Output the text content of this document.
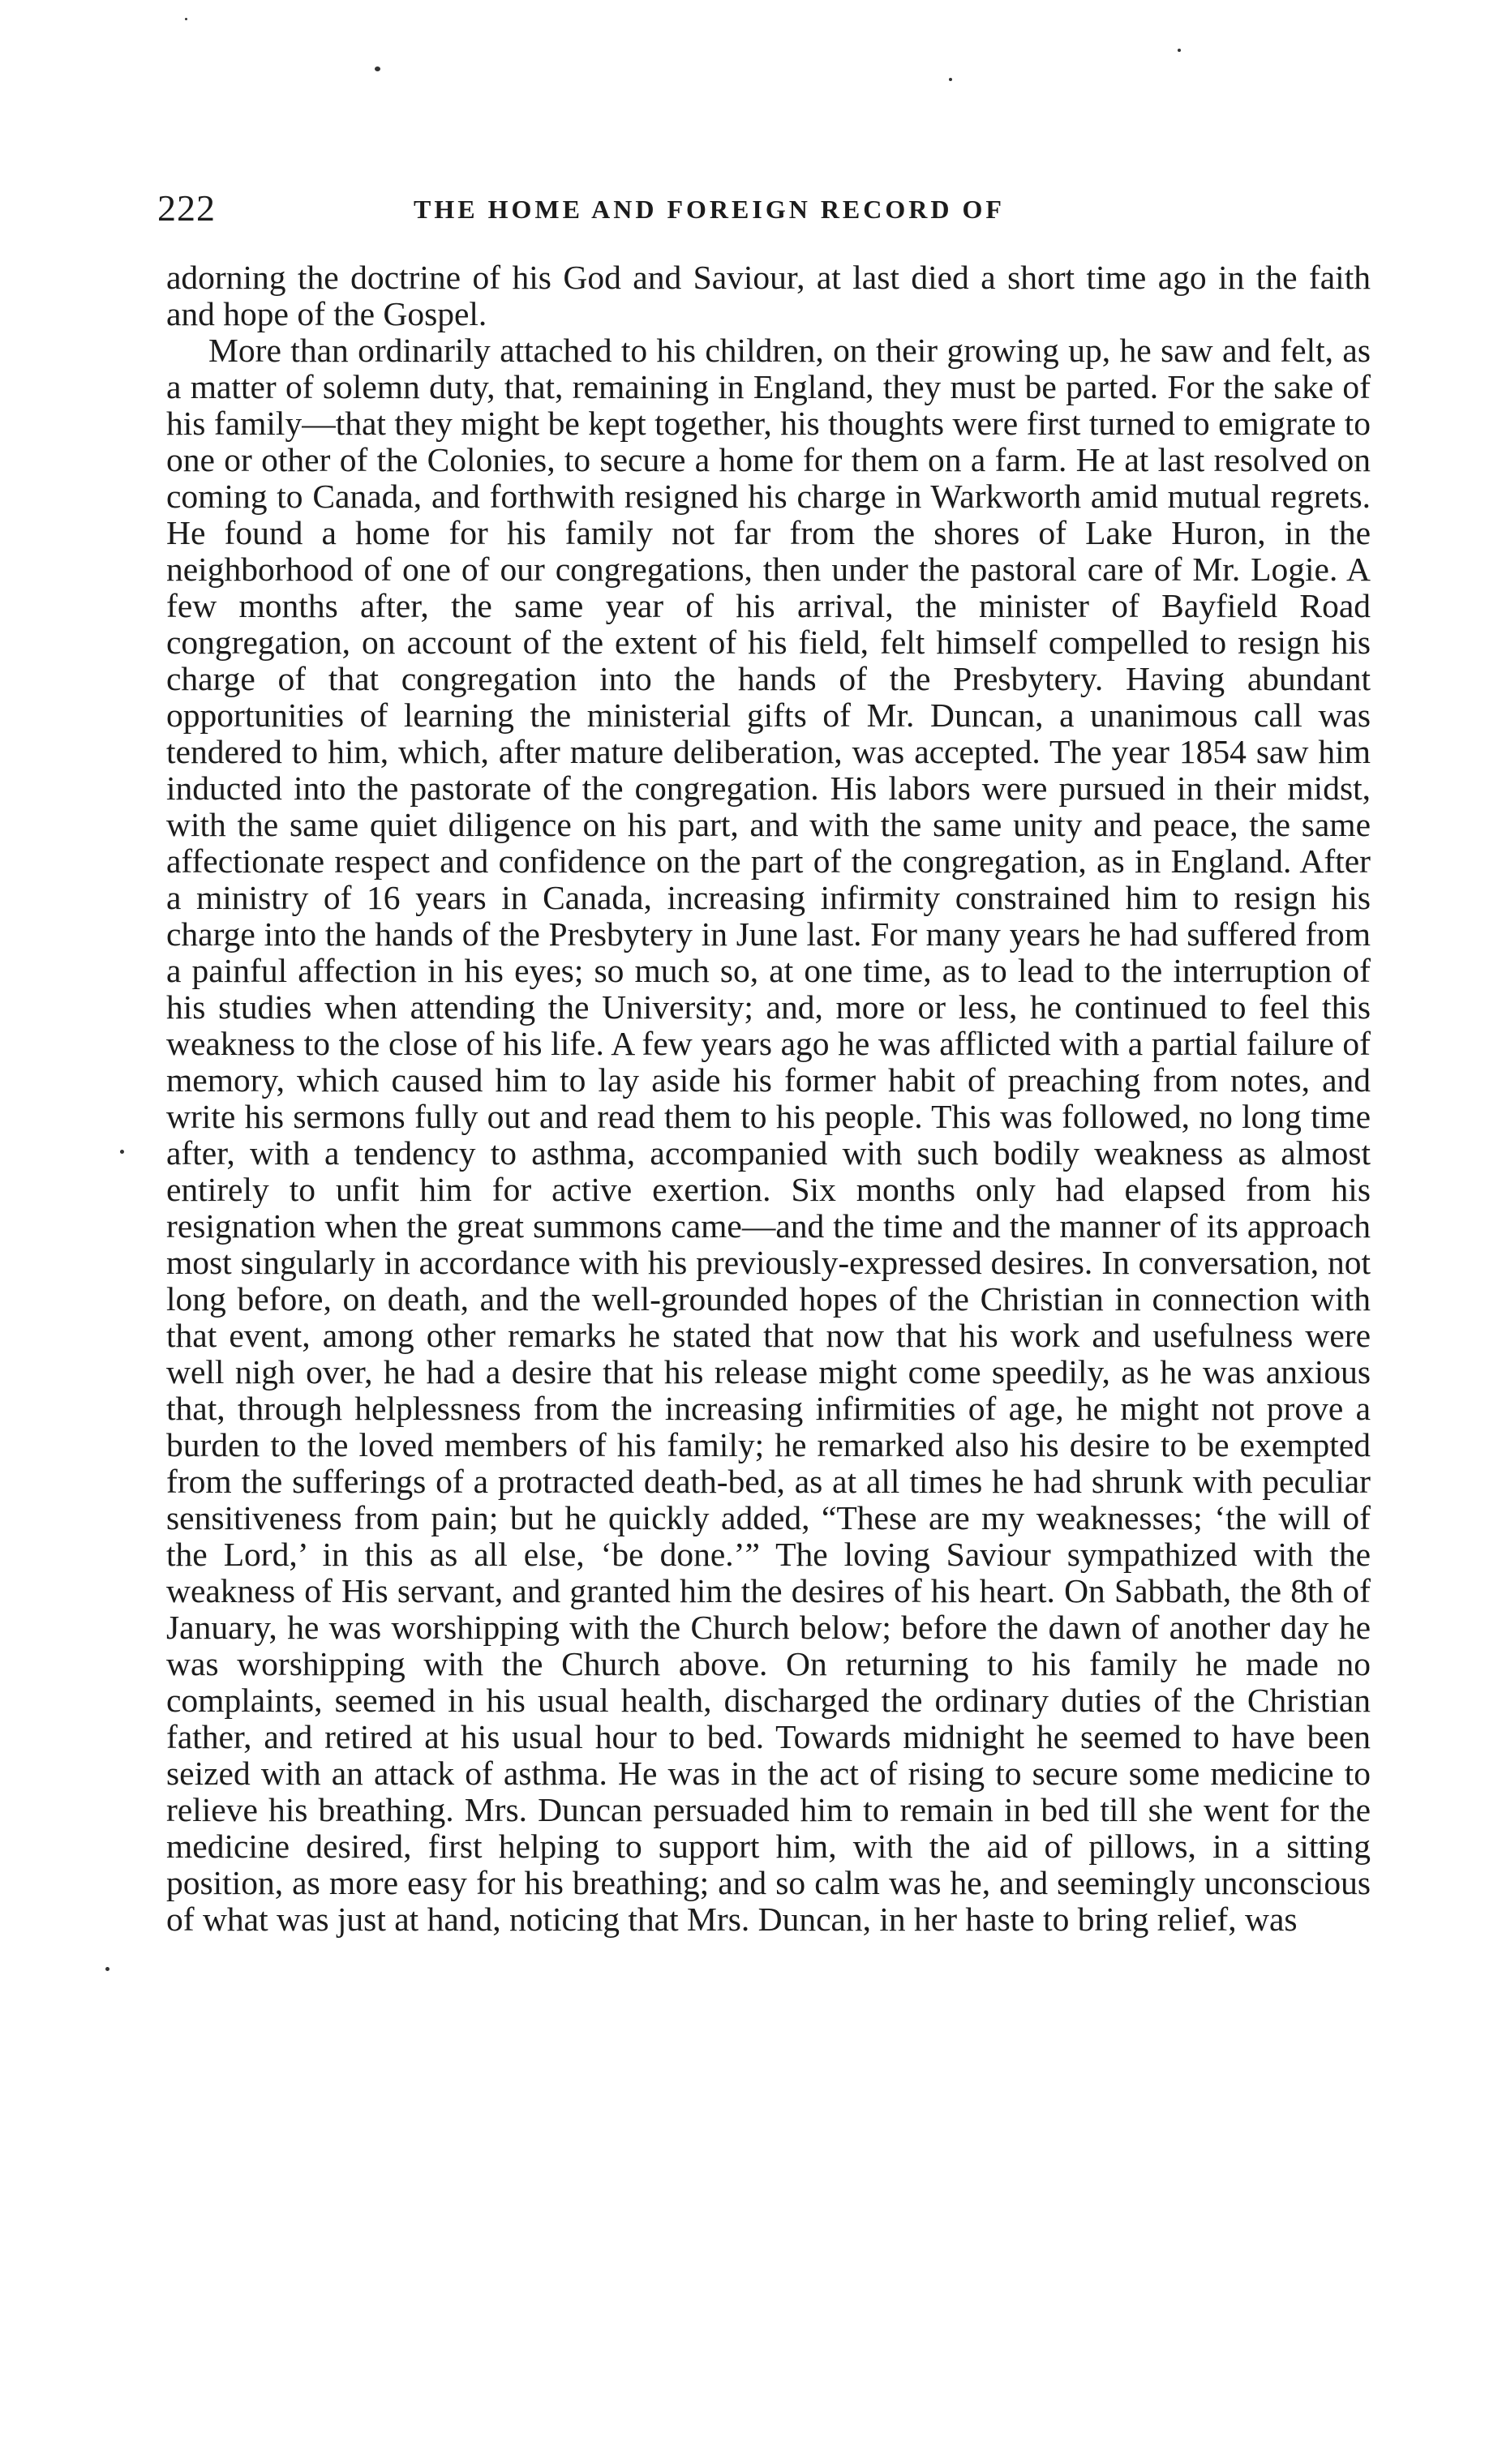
222	THE HOME AND FOREIGN RECORD OF

adorning the doctrine of his God and Saviour, at last died a short time ago in the faith and hope of the Gospel.

More than ordinarily attached to his children, on their growing up, he saw and felt, as a matter of solemn duty, that, remaining in England, they must be parted. For the sake of his family—that they might be kept together, his thoughts were first turned to emigrate to one or other of the Colonies, to secure a home for them on a farm. He at last resolved on coming to Canada, and forthwith resigned his charge in Warkworth amid mutual regrets. He found a home for his family not far from the shores of Lake Huron, in the neighborhood of one of our congregations, then under the pastoral care of Mr. Logie. A few months after, the same year of his arrival, the minister of Bayfield Road congregation, on account of the extent of his field, felt himself compelled to resign his charge of that congregation into the hands of the Presbytery. Having abundant opportunities of learning the ministerial gifts of Mr. Duncan, a unanimous call was tendered to him, which, after mature deliberation, was accepted. The year 1854 saw him inducted into the pastorate of the congregation. His labors were pursued in their midst, with the same quiet diligence on his part, and with the same unity and peace, the same affectionate respect and confidence on the part of the congregation, as in England. After a ministry of 16 years in Canada, increasing infirmity constrained him to resign his charge into the hands of the Presbytery in June last. For many years he had suffered from a painful affection in his eyes; so much so, at one time, as to lead to the interruption of his studies when attending the University; and, more or less, he continued to feel this weakness to the close of his life. A few years ago he was afflicted with a partial failure of memory, which caused him to lay aside his former habit of preaching from notes, and write his sermons fully out and read them to his people. This was followed, no long time after, with a tendency to asthma, accompanied with such bodily weakness as almost entirely to unfit him for active exertion. Six months only had elapsed from his resignation when the great summons came—and the time and the manner of its approach most singularly in accordance with his previously-expressed desires. In conversation, not long before, on death, and the well-grounded hopes of the Christian in connection with that event, among other remarks he stated that now that his work and usefulness were well nigh over, he had a desire that his release might come speedily, as he was anxious that, through helplessness from the increasing infirmities of age, he might not prove a burden to the loved members of his family; he remarked also his desire to be exempted from the sufferings of a protracted death-bed, as at all times he had shrunk with peculiar sensitiveness from pain; but he quickly added, “These are my weaknesses; ‘the will of the Lord,’ in this as all else, ‘be done.’” The loving Saviour sympathized with the weakness of His servant, and granted him the desires of his heart. On Sabbath, the 8th of January, he was worshipping with the Church below; before the dawn of another day he was worshipping with the Church above. On returning to his family he made no complaints, seemed in his usual health, discharged the ordinary duties of the Christian father, and retired at his usual hour to bed. Towards midnight he seemed to have been seized with an attack of asthma. He was in the act of rising to secure some medicine to relieve his breathing. Mrs. Duncan persuaded him to remain in bed till she went for the medicine desired, first helping to support him, with the aid of pillows, in a sitting position, as more easy for his breathing; and so calm was he, and seemingly unconscious of what was just at hand, noticing that Mrs. Duncan, in her haste to bring relief, was
